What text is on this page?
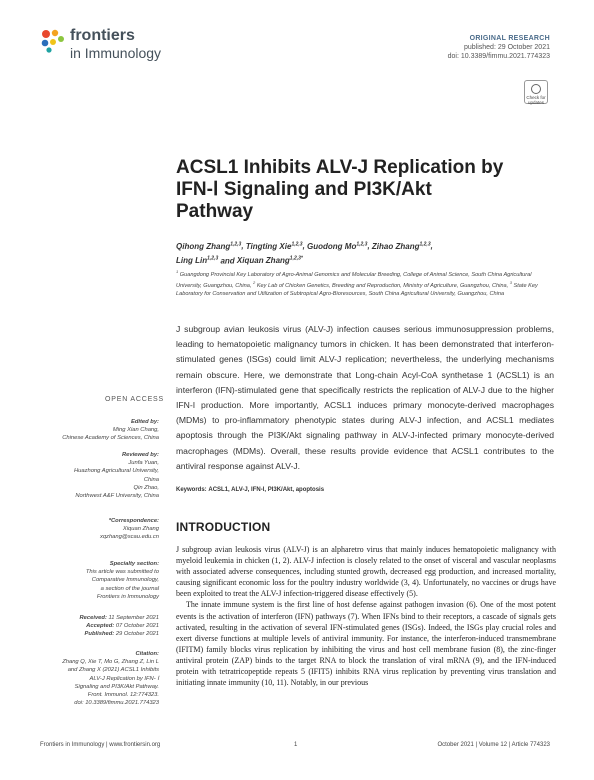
frontiers
in Immunology
ORIGINAL RESEARCH
published: 29 October 2021
doi: 10.3389/fimmu.2021.774323
Check for
updates
ACSL1 Inhibits ALV-J Replication by IFN-Ⅰ Signaling and PI3K/Akt Pathway
Qihong Zhang$^{1,2,3}$, Tingting Xie$^{1,2,3}$, Guodong Mo$^{1,2,3}$, Zihao Zhang$^{1,2,3}$,
Ling Lin$^{1,2,3}$ and Xiquan Zhang$^{1,2,3*}$
$^1$ Guangdong Provincial Key Laboratory of Agro-Animal Genomics and Molecular Breeding, College of Animal Science, South China Agricultural University, Guangzhou, China, $^2$ Key Lab of Chicken Genetics, Breeding and Reproduction, Ministry of Agriculture, Guangzhou, China, $^3$ State Key Laboratory for Conservation and Utilization of Subtropical Agro-Bioresources, South China Agricultural University, Guangzhou, China
J subgroup avian leukosis virus (ALV-J) infection causes serious immunosuppression problems, leading to hematopoietic malignancy tumors in chicken. It has been demonstrated that interferon-stimulated genes (ISGs) could limit ALV-J replication; nevertheless, the underlying mechanisms remain obscure. Here, we demonstrate that Long-chain Acyl-CoA synthetase 1 (ACSL1) is an interferon (IFN)-stimulated gene that specifically restricts the replication of ALV-J due to the higher IFN-I production. More importantly, ACSL1 induces primary monocyte-derived macrophages (MDMs) to pro-inflammatory phenotypic states during ALV-J infection, and ACSL1 mediates apoptosis through the PI3K/Akt signaling pathway in ALV-J-infected primary monocyte-derived macrophages (MDMs). Overall, these results provide evidence that ACSL1 contributes to the antiviral response against ALV-J.
Keywords: ACSL1, ALV-J, IFN-I, PI3K/Akt, apoptosis
INTRODUCTION

J subgroup avian leukosis virus (ALV-J) is an alpharetro virus that mainly induces hematopoietic malignancy with myeloid leukemia in chicken (1, 2). ALV-J infection is closely related to the onset of visceral and vascular neoplasms with associated adverse consequences, including stunted growth, decreased egg production, and increased mortality, causing significant economic loss for the poultry industry worldwide (3, 4). Unfortunately, no vaccines or drugs have been exploited to treat the ALV-J infection-triggered disease effectively (5).

The innate immune system is the first line of host defense against pathogen invasion (6). One of the most potent events is the activation of interferon (IFN) pathways (7). When IFNs bind to their receptors, a cascade of signals gets activated, resulting in the activation of several IFN-stimulated genes (ISGs). Indeed, the ISGs play crucial roles and exert diverse functions at multiple levels of antiviral immunity. For instance, the interferon-induced transmembrane (IFITM) family blocks virus replication by inhibiting the virus and host cell membrane fusion (8), the zinc-finger antiviral protein (ZAP) binds to the target RNA to block the translation of viral mRNA (9), and the IFN-induced protein with tetratricopeptide repeats 5 (IFIT5) inhibits RNA virus replication by preventing virus translation and initiating innate immunity (10, 11). Notably, in our previous

OPEN ACCESS
Edited by:
Ming Xian Chang,
Chinese Academy of Sciences, China
Reviewed by:
Junfa Yuan,
Huazhong Agricultural University,
China
Qin Zhao,
Northwest A&F University, China
*Correspondence:
Xiquan Zhang
xqzhang@scau.edu.cn
Specialty section:
This article was submitted to
Comparative Immunology,
a section of the journal
Frontiers in Immunology
Received: 11 September 2021
Accepted: 07 October 2021
Published: 29 October 2021
Citation:
Zhang Q, Xie T, Mo G, Zhang Z, Lin L
and Zhang X (2021) ACSL1 Inhibits
ALV-J Replication by IFN- Ⅰ
Signaling and PI3K/Akt Pathway.
Front. Immunol. 12:774323.
doi: 10.3389/fimmu.2021.774323
Frontiers in Immunology | www.frontiersin.org	1	October 2021 | Volume 12 | Article 774323
